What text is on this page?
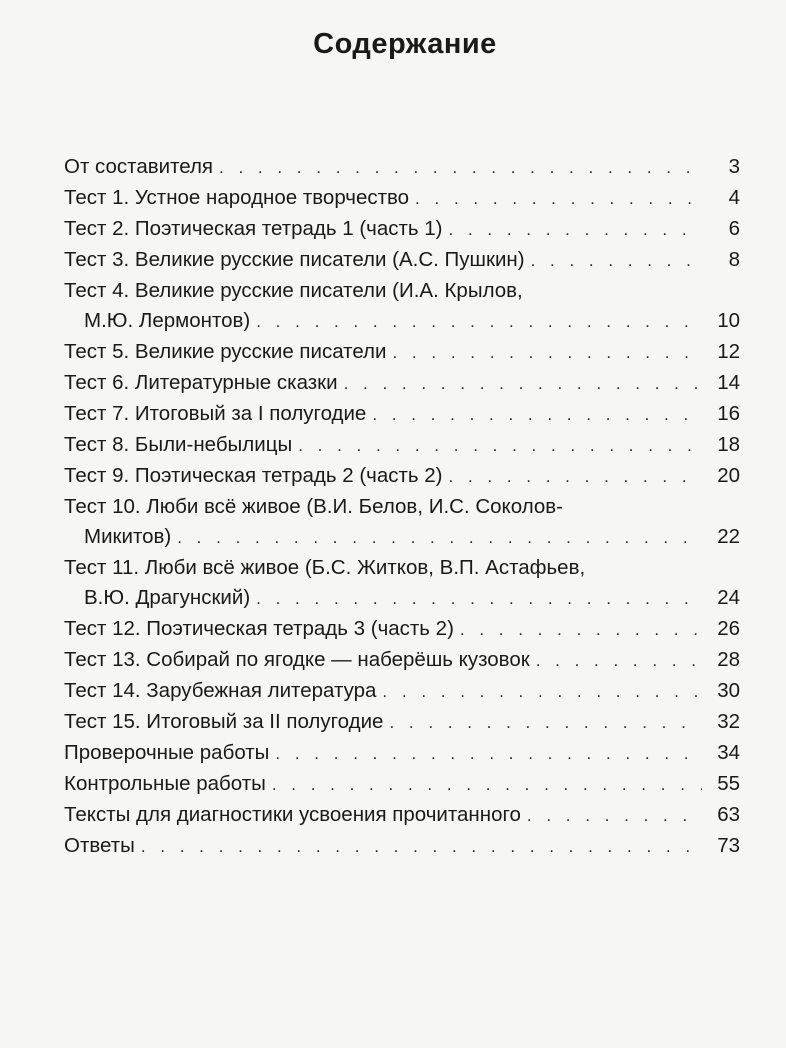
Содержание
От составителя . . .	3
Тест 1. Устное народное творчество . . .	4
Тест 2. Поэтическая тетрадь 1 (часть 1) . . .	6
Тест 3. Великие русские писатели (А.С. Пушкин) . . .	8
Тест 4. Великие русские писатели (И.А. Крылов,
М.Ю. Лермонтов) . . .	10
Тест 5. Великие русские писатели . . .	12
Тест 6. Литературные сказки . . .	14
Тест 7. Итоговый за I полугодие . . .	16
Тест 8. Были-небылицы . . .	18
Тест 9. Поэтическая тетрадь 2 (часть 2) . . .	20
Тест 10. Люби всё живое (В.И. Белов, И.С. Соколов-
Микитов) . . .	22
Тест 11. Люби всё живое (Б.С. Житков, В.П. Астафьев,
В.Ю. Драгунский) . . .	24
Тест 12. Поэтическая тетрадь 3 (часть 2) . . .	26
Тест 13. Собирай по ягодке — наберёшь кузовок . . .	28
Тест 14. Зарубежная литература . . .	30
Тест 15. Итоговый за II полугодие . . .	32
Проверочные работы . . .	34
Контрольные работы . . .	55
Тексты для диагностики усвоения прочитанного . . .	63
Ответы . . .	73
